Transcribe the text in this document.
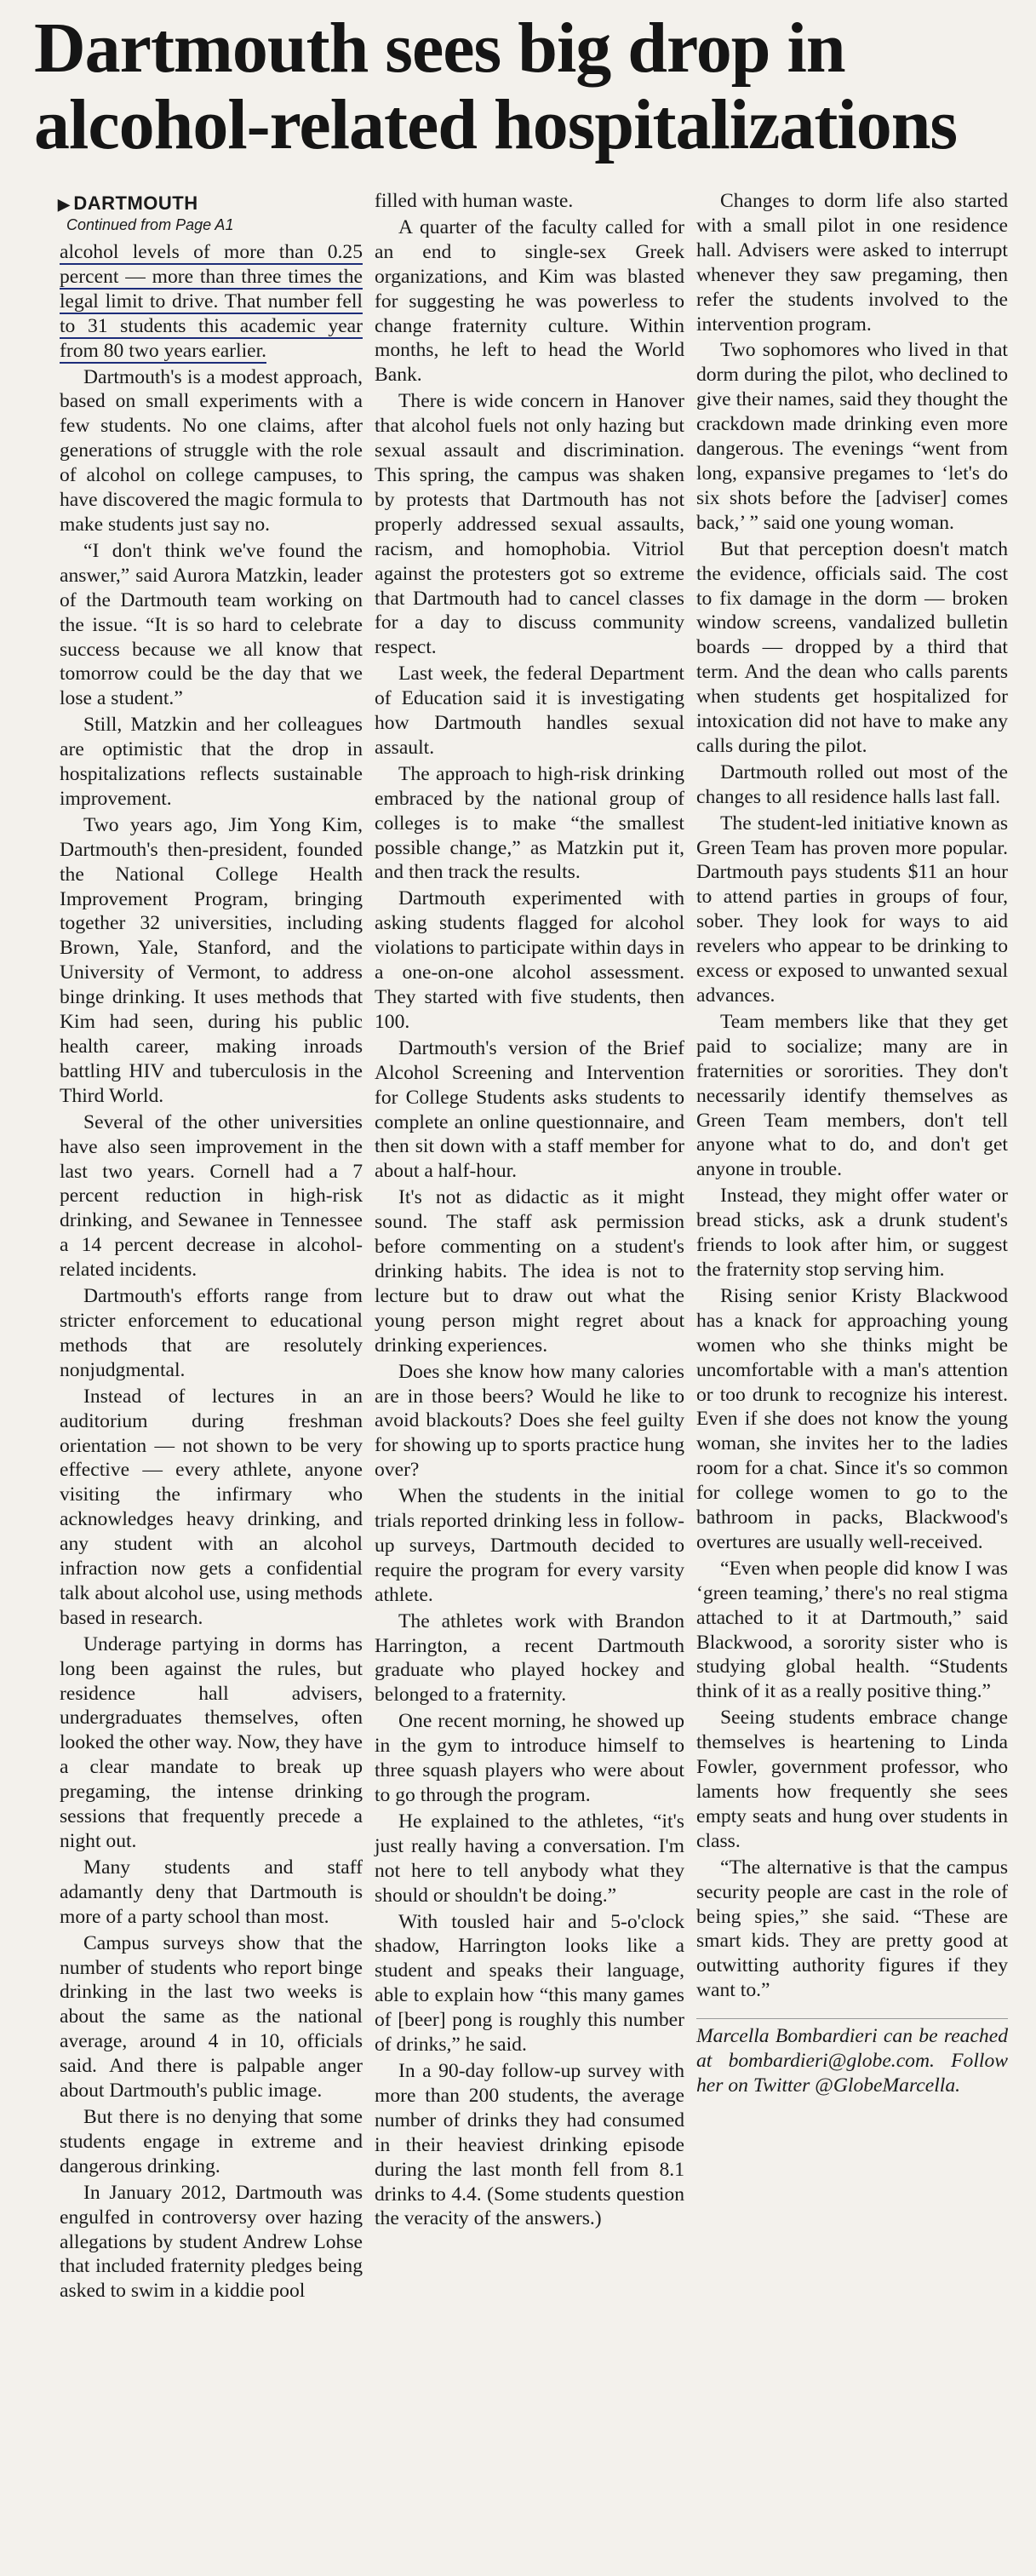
Dartmouth sees big drop in alcohol-related hospitalizations
▶ DARTMOUTH
Continued from Page A1

alcohol levels of more than 0.25 percent — more than three times the legal limit to drive. That number fell to 31 students this academic year from 80 two years earlier.

Dartmouth's is a modest approach, based on small experiments with a few students. No one claims, after generations of struggle with the role of alcohol on college campuses, to have discovered the magic formula to make students just say no.

“I don't think we've found the answer,” said Aurora Matzkin, leader of the Dartmouth team working on the issue. “It is so hard to celebrate success because we all know that tomorrow could be the day that we lose a student.”

Still, Matzkin and her colleagues are optimistic that the drop in hospitalizations reflects sustainable improvement.

Two years ago, Jim Yong Kim, Dartmouth's then-president, founded the National College Health Improvement Program, bringing together 32 universities, including Brown, Yale, Stanford, and the University of Vermont, to address binge drinking. It uses methods that Kim had seen, during his public health career, making inroads battling HIV and tuberculosis in the Third World.

Several of the other universities have also seen improvement in the last two years. Cornell had a 7 percent reduction in high-risk drinking, and Sewanee in Tennessee a 14 percent decrease in alcohol-related incidents.

Dartmouth's efforts range from stricter enforcement to educational methods that are resolutely nonjudgmental.

Instead of lectures in an auditorium during freshman orientation — not shown to be very effective — every athlete, anyone visiting the infirmary who acknowledges heavy drinking, and any student with an alcohol infraction now gets a confidential talk about alcohol use, using methods based in research.

Underage partying in dorms has long been against the rules, but residence hall advisers, undergraduates themselves, often looked the other way. Now, they have a clear mandate to break up pregaming, the intense drinking sessions that frequently precede a night out.

Many students and staff adamantly deny that Dartmouth is more of a party school than most.

Campus surveys show that the number of students who report binge drinking in the last two weeks is about the same as the national average, around 4 in 10, officials said. And there is palpable anger about Dartmouth's public image.

But there is no denying that some students engage in extreme and dangerous drinking.

In January 2012, Dartmouth was engulfed in controversy over hazing allegations by student Andrew Lohse that included fraternity pledges being asked to swim in a kiddie pool

filled with human waste.

A quarter of the faculty called for an end to single-sex Greek organizations, and Kim was blasted for suggesting he was powerless to change fraternity culture. Within months, he left to head the World Bank.

There is wide concern in Hanover that alcohol fuels not only hazing but sexual assault and discrimination. This spring, the campus was shaken by protests that Dartmouth has not properly addressed sexual assaults, racism, and homophobia. Vitriol against the protesters got so extreme that Dartmouth had to cancel classes for a day to discuss community respect.

Last week, the federal Department of Education said it is investigating how Dartmouth handles sexual assault.

The approach to high-risk drinking embraced by the national group of colleges is to make “the smallest possible change,” as Matzkin put it, and then track the results.

Dartmouth experimented with asking students flagged for alcohol violations to participate within days in a one-on-one alcohol assessment. They started with five students, then 100.

Dartmouth's version of the Brief Alcohol Screening and Intervention for College Students asks students to complete an online questionnaire, and then sit down with a staff member for about a half-hour.

It's not as didactic as it might sound. The staff ask permission before commenting on a student's drinking habits. The idea is not to lecture but to draw out what the young person might regret about drinking experiences.

Does she know how many calories are in those beers? Would he like to avoid blackouts? Does she feel guilty for showing up to sports practice hung over?

When the students in the initial trials reported drinking less in follow-up surveys, Dartmouth decided to require the program for every varsity athlete.

The athletes work with Brandon Harrington, a recent Dartmouth graduate who played hockey and belonged to a fraternity.

One recent morning, he showed up in the gym to introduce himself to three squash players who were about to go through the program.

He explained to the athletes, “it's just really having a conversation. I'm not here to tell anybody what they should or shouldn't be doing.”

With tousled hair and 5-o'clock shadow, Harrington looks like a student and speaks their language, able to explain how “this many games of [beer] pong is roughly this number of drinks,” he said.

In a 90-day follow-up survey with more than 200 students, the average number of drinks they had consumed in their heaviest drinking episode during the last month fell from 8.1 drinks to 4.4. (Some students question the veracity of the answers.)

Changes to dorm life also started with a small pilot in one residence hall. Advisers were asked to interrupt whenever they saw pregaming, then refer the students involved to the intervention program.

Two sophomores who lived in that dorm during the pilot, who declined to give their names, said they thought the crackdown made drinking even more dangerous. The evenings “went from long, expansive pregames to ‘let's do six shots before the [adviser] comes back,’ ” said one young woman.

But that perception doesn't match the evidence, officials said. The cost to fix damage in the dorm — broken window screens, vandalized bulletin boards — dropped by a third that term. And the dean who calls parents when students get hospitalized for intoxication did not have to make any calls during the pilot.

Dartmouth rolled out most of the changes to all residence halls last fall.

The student-led initiative known as Green Team has proven more popular. Dartmouth pays students $11 an hour to attend parties in groups of four, sober. They look for ways to aid revelers who appear to be drinking to excess or exposed to unwanted sexual advances.

Team members like that they get paid to socialize; many are in fraternities or sororities. They don't necessarily identify themselves as Green Team members, don't tell anyone what to do, and don't get anyone in trouble.

Instead, they might offer water or bread sticks, ask a drunk student's friends to look after him, or suggest the fraternity stop serving him.

Rising senior Kristy Blackwood has a knack for approaching young women who she thinks might be uncomfortable with a man's attention or too drunk to recognize his interest. Even if she does not know the young woman, she invites her to the ladies room for a chat. Since it's so common for college women to go to the bathroom in packs, Blackwood's overtures are usually well-received.

“Even when people did know I was ‘green teaming,’ there's no real stigma attached to it at Dartmouth,” said Blackwood, a sorority sister who is studying global health. “Students think of it as a really positive thing.”

Seeing students embrace change themselves is heartening to Linda Fowler, government professor, who laments how frequently she sees empty seats and hung over students in class.

“The alternative is that the campus security people are cast in the role of being spies,” she said. “These are smart kids. They are pretty good at outwitting authority figures if they want to.”

Marcella Bombardieri can be reached at bombardieri@globe.com. Follow her on Twitter @GlobeMarcella.
